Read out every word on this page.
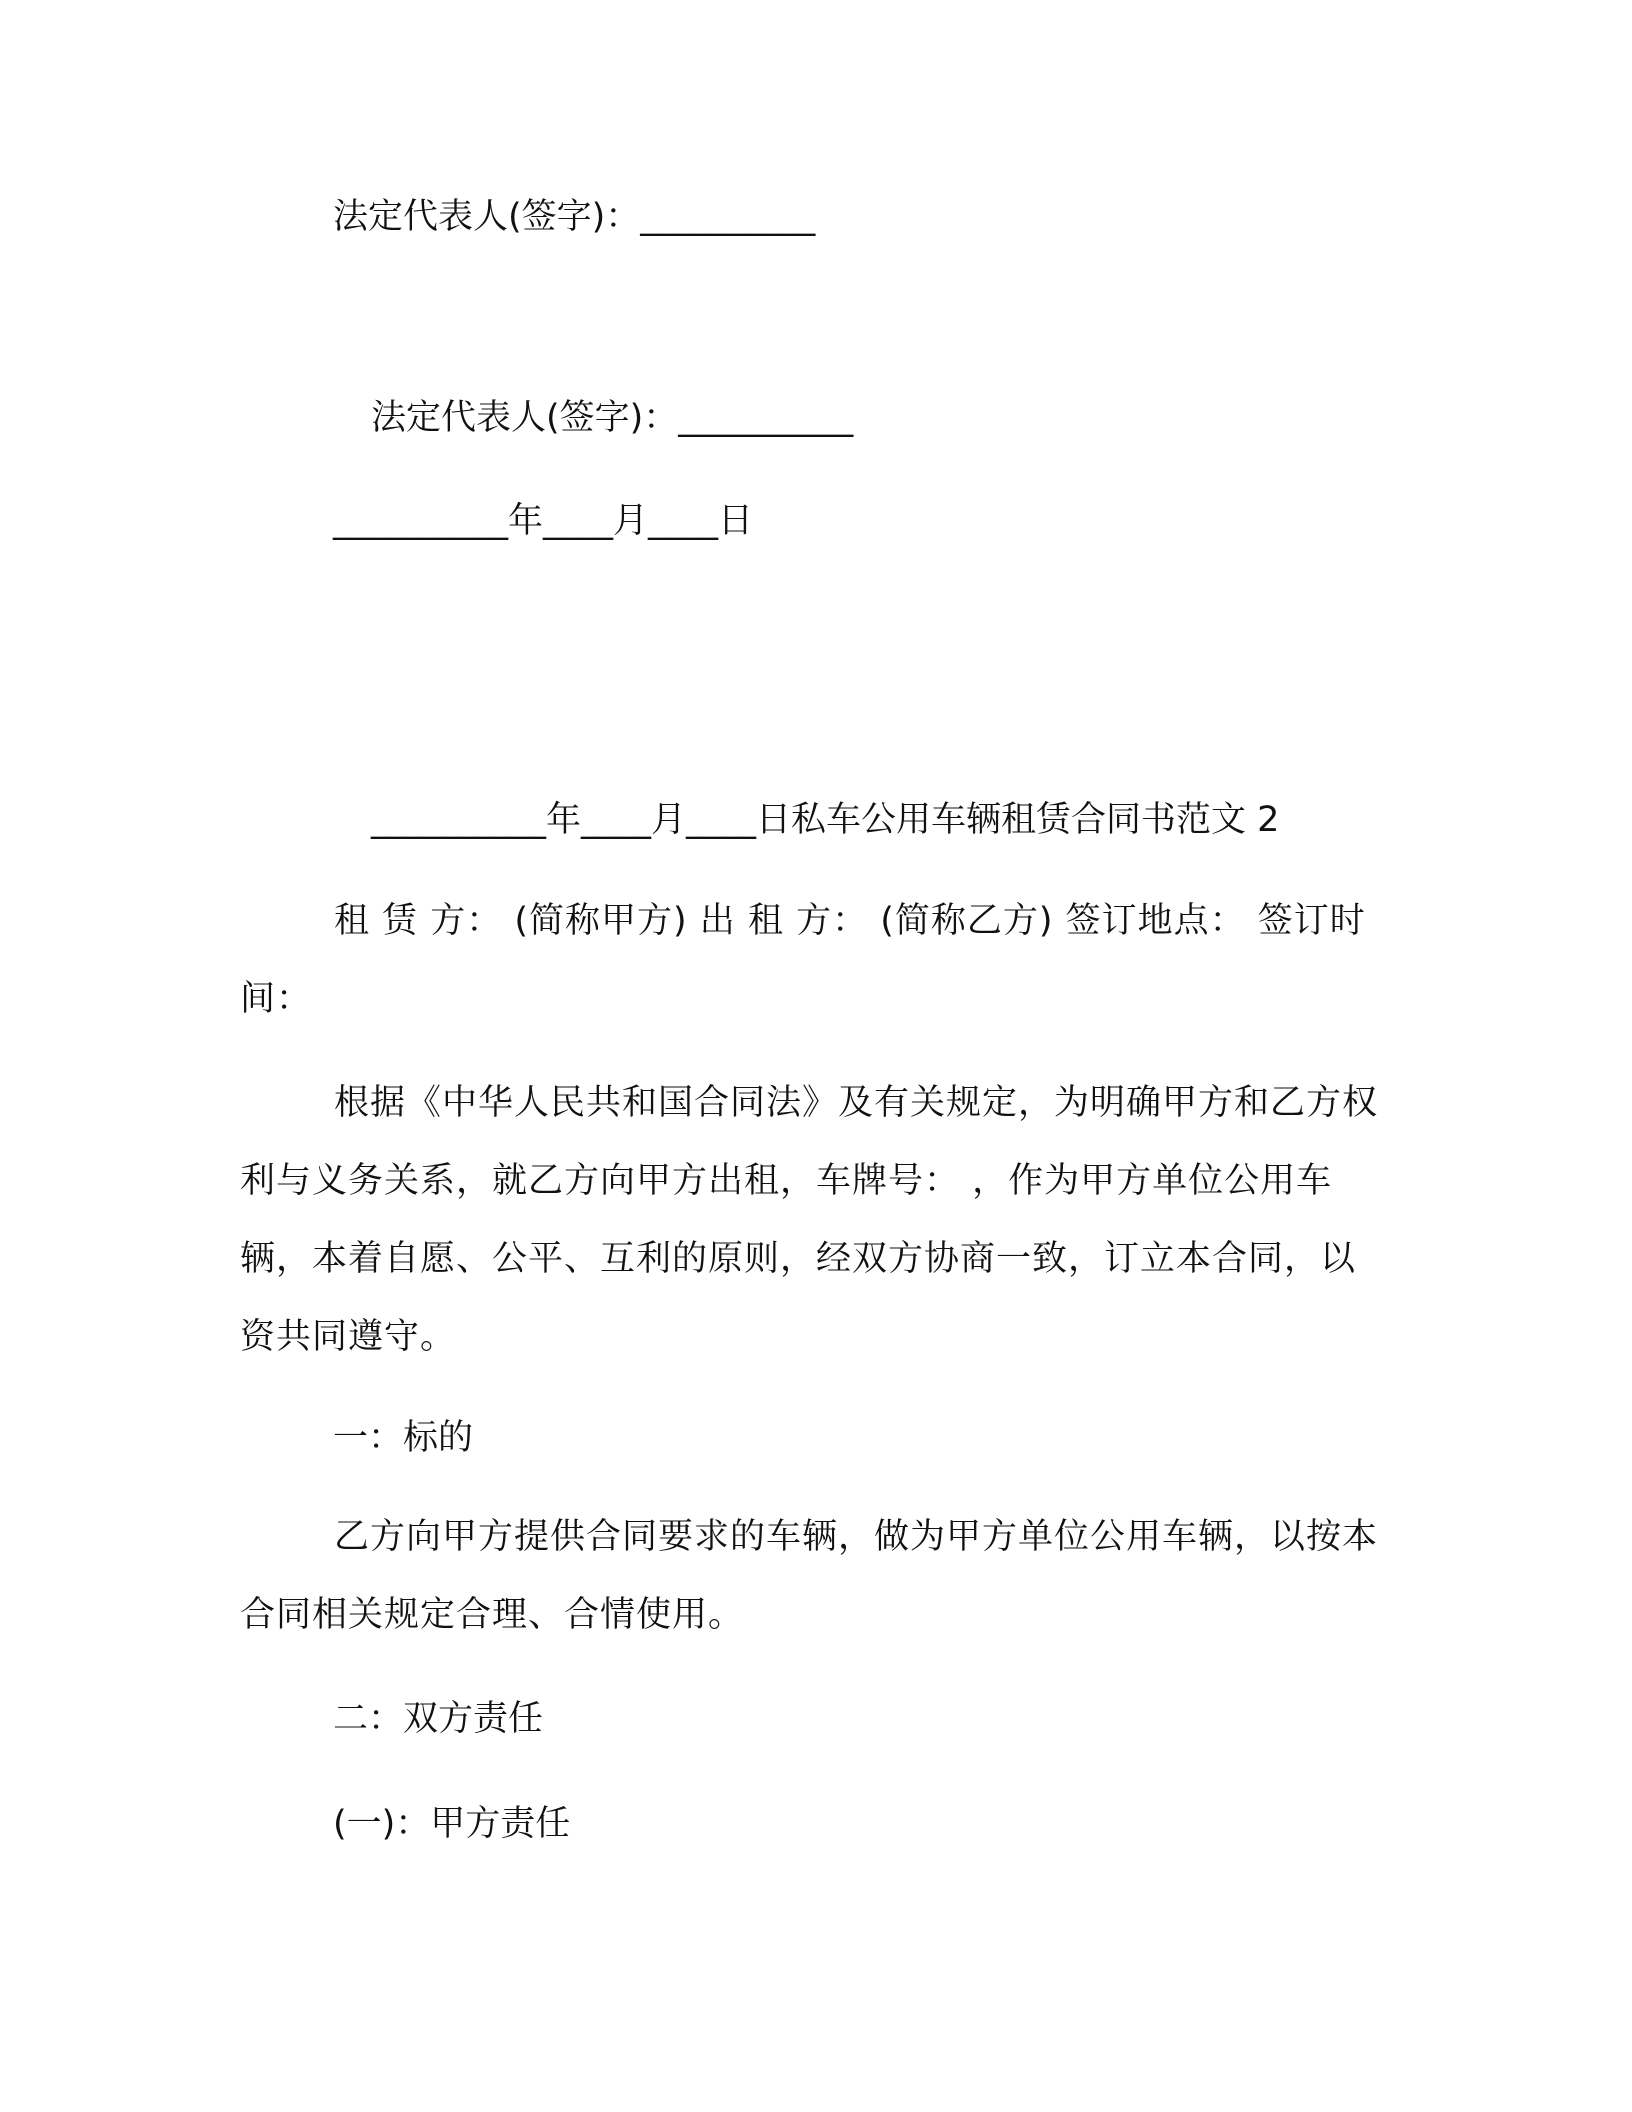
法定代表人(签字)：__________

法定代表人(签字)：__________

__________年____月____日

__________年____月____日私车公用车辆租赁合同书范文 2

租 赁 方： (简称甲方) 出 租 方： (简称乙方) 签订地点： 签订时间：

根据《中华人民共和国合同法》及有关规定，为明确甲方和乙方权利与义务关系，就乙方向甲方出租，车牌号： ，作为甲方单位公用车辆，本着自愿、公平、互利的原则，经双方协商一致，订立本合同，以资共同遵守。

一：标的

乙方向甲方提供合同要求的车辆，做为甲方单位公用车辆，以按本合同相关规定合理、合情使用。

二：双方责任
(一)：甲方责任
